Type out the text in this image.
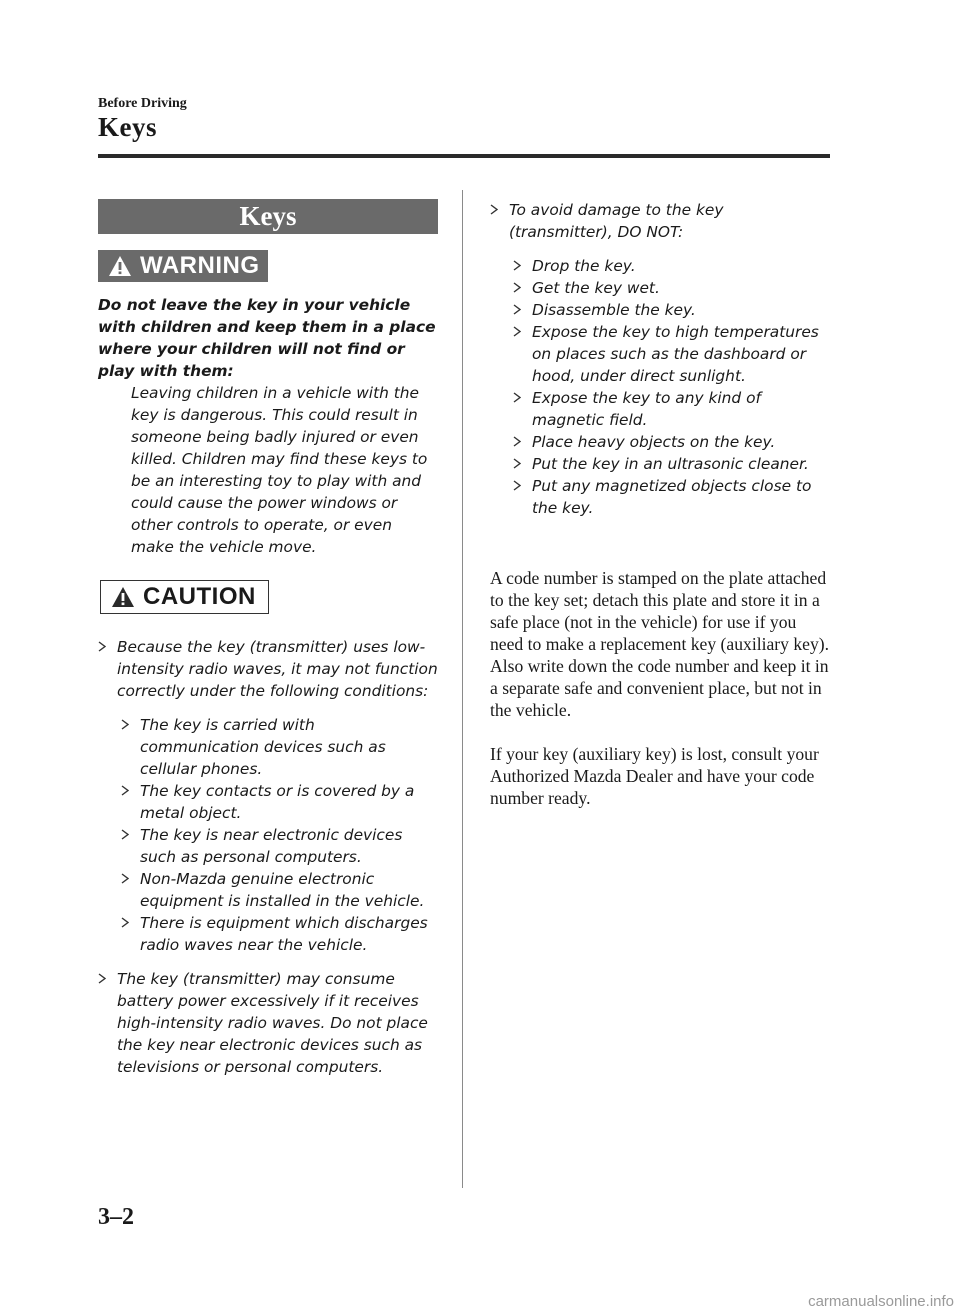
Before Driving
Keys
Keys
WARNING
Do not leave the key in your vehicle with children and keep them in a place where your children will not find or play with them:
Leaving children in a vehicle with the key is dangerous. This could result in someone being badly injured or even killed. Children may find these keys to be an interesting toy to play with and could cause the power windows or other controls to operate, or even make the vehicle move.
CAUTION
Because the key (transmitter) uses low-intensity radio waves, it may not function correctly under the following conditions:
The key is carried with communication devices such as cellular phones.
The key contacts or is covered by a metal object.
The key is near electronic devices such as personal computers.
Non-Mazda genuine electronic equipment is installed in the vehicle.
There is equipment which discharges radio waves near the vehicle.
The key (transmitter) may consume battery power excessively if it receives high-intensity radio waves. Do not place the key near electronic devices such as televisions or personal computers.
To avoid damage to the key (transmitter), DO NOT:
Drop the key.
Get the key wet.
Disassemble the key.
Expose the key to high temperatures on places such as the dashboard or hood, under direct sunlight.
Expose the key to any kind of magnetic field.
Place heavy objects on the key.
Put the key in an ultrasonic cleaner.
Put any magnetized objects close to the key.

A code number is stamped on the plate attached to the key set; detach this plate and store it in a safe place (not in the vehicle) for use if you need to make a replacement key (auxiliary key).

Also write down the code number and keep it in a separate safe and convenient place, but not in the vehicle.

If your key (auxiliary key) is lost, consult your Authorized Mazda Dealer and have your code number ready.

3–2
carmanualsonline.info
